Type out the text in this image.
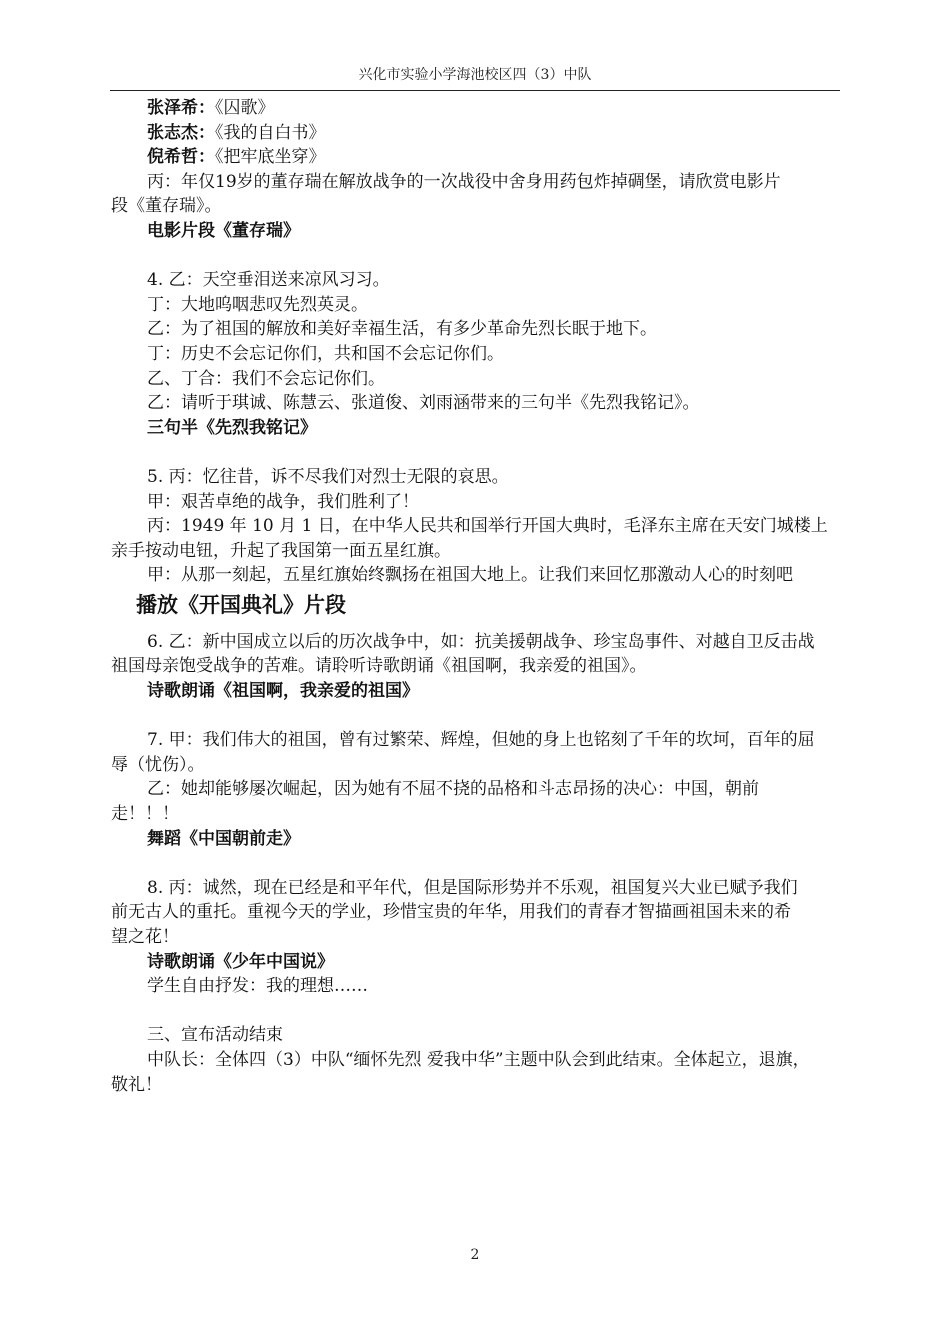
兴化市实验小学海池校区四（3）中队
张泽希：《囚歌》
张志杰：《我的自白书》
倪希哲：《把牢底坐穿》
丙：年仅19岁的董存瑞在解放战争的一次战役中舍身用药包炸掉碉堡，请欣赏电影片
段《董存瑞》。
电影片段《董存瑞》
4. 乙：天空垂泪送来凉风习习。
丁：大地呜咽悲叹先烈英灵。
乙：为了祖国的解放和美好幸福生活，有多少革命先烈长眠于地下。
丁：历史不会忘记你们，共和国不会忘记你们。
乙、丁合：我们不会忘记你们。
乙：请听于琪诚、陈慧云、张道俊、刘雨涵带来的三句半《先烈我铭记》。
三句半《先烈我铭记》
5. 丙：忆往昔，诉不尽我们对烈士无限的哀思。
甲：艰苦卓绝的战争，我们胜利了！
丙：1949 年 10 月 1 日，在中华人民共和国举行开国大典时，毛泽东主席在天安门城楼上
亲手按动电钮，升起了我国第一面五星红旗。
甲：从那一刻起，五星红旗始终飘扬在祖国大地上。让我们来回忆那激动人心的时刻吧
播放《开国典礼》片段
6. 乙：新中国成立以后的历次战争中，如：抗美援朝战争、珍宝岛事件、对越自卫反击战
祖国母亲饱受战争的苦难。请聆听诗歌朗诵《祖国啊，我亲爱的祖国》。
诗歌朗诵《祖国啊，我亲爱的祖国》
7. 甲：我们伟大的祖国，曾有过繁荣、辉煌，但她的身上也铭刻了千年的坎坷，百年的屈
辱（忧伤）。
乙：她却能够屡次崛起，因为她有不屈不挠的品格和斗志昂扬的决心：中国，朝前
走！！！
舞蹈《中国朝前走》
8. 丙：诚然，现在已经是和平年代，但是国际形势并不乐观，祖国复兴大业已赋予我们
前无古人的重托。重视今天的学业，珍惜宝贵的年华，用我们的青春才智描画祖国未来的希
望之花！
诗歌朗诵《少年中国说》
学生自由抒发：我的理想……
三、宣布活动结束
中队长：全体四（3）中队“缅怀先烈 爱我中华”主题中队会到此结束。全体起立，退旗，
敬礼！
2
